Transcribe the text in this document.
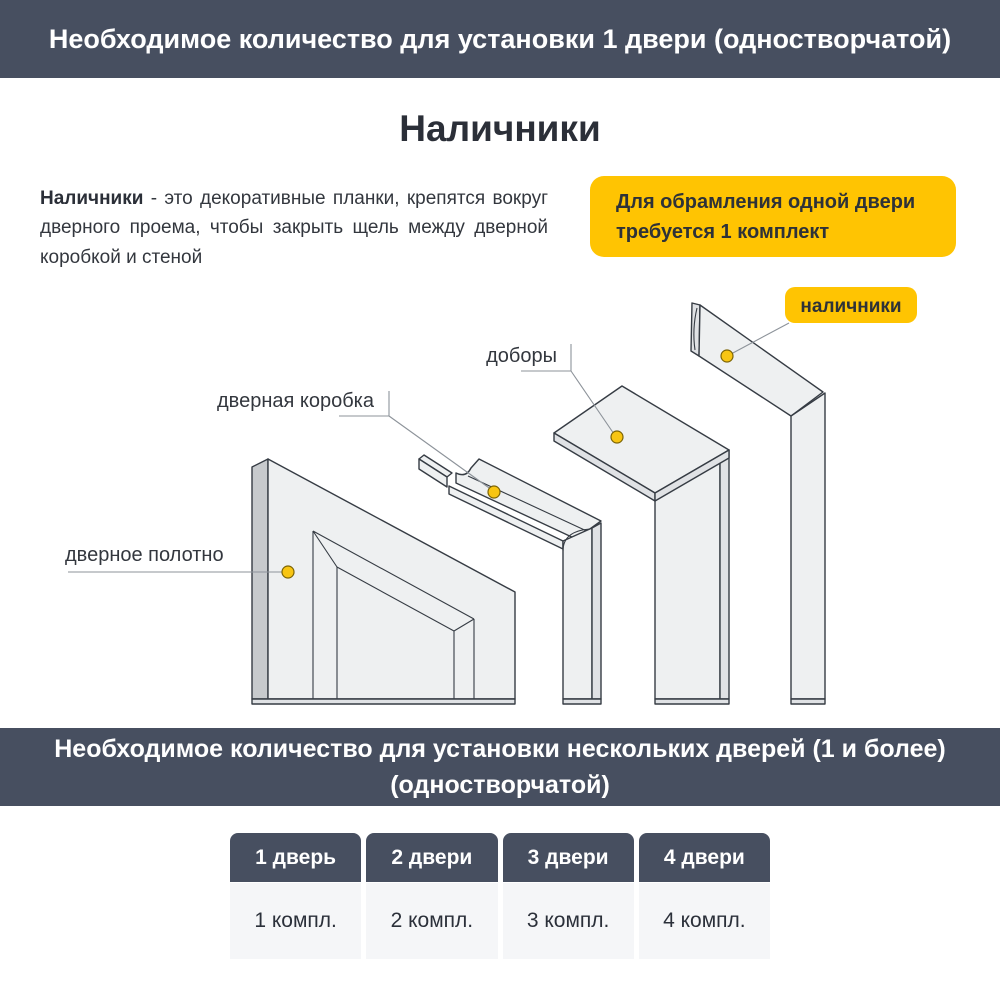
Необходимое количество для установки 1 двери (одностворчатой)
Наличники

Наличники - это декоративные планки, крепятся вокруг дверного проема, чтобы закрыть щель между дверной коробкой и стеной

Для обрамления одной двери требуется 1 комплект
дверное полотно
дверная коробка
доборы
наличники
Необходимое количество для установки нескольких дверей (1 и более)
(одностворчатой)
1 дверь	2 двери	3 двери	4 двери
1 компл.	2 компл.	3 компл.	4 компл.
